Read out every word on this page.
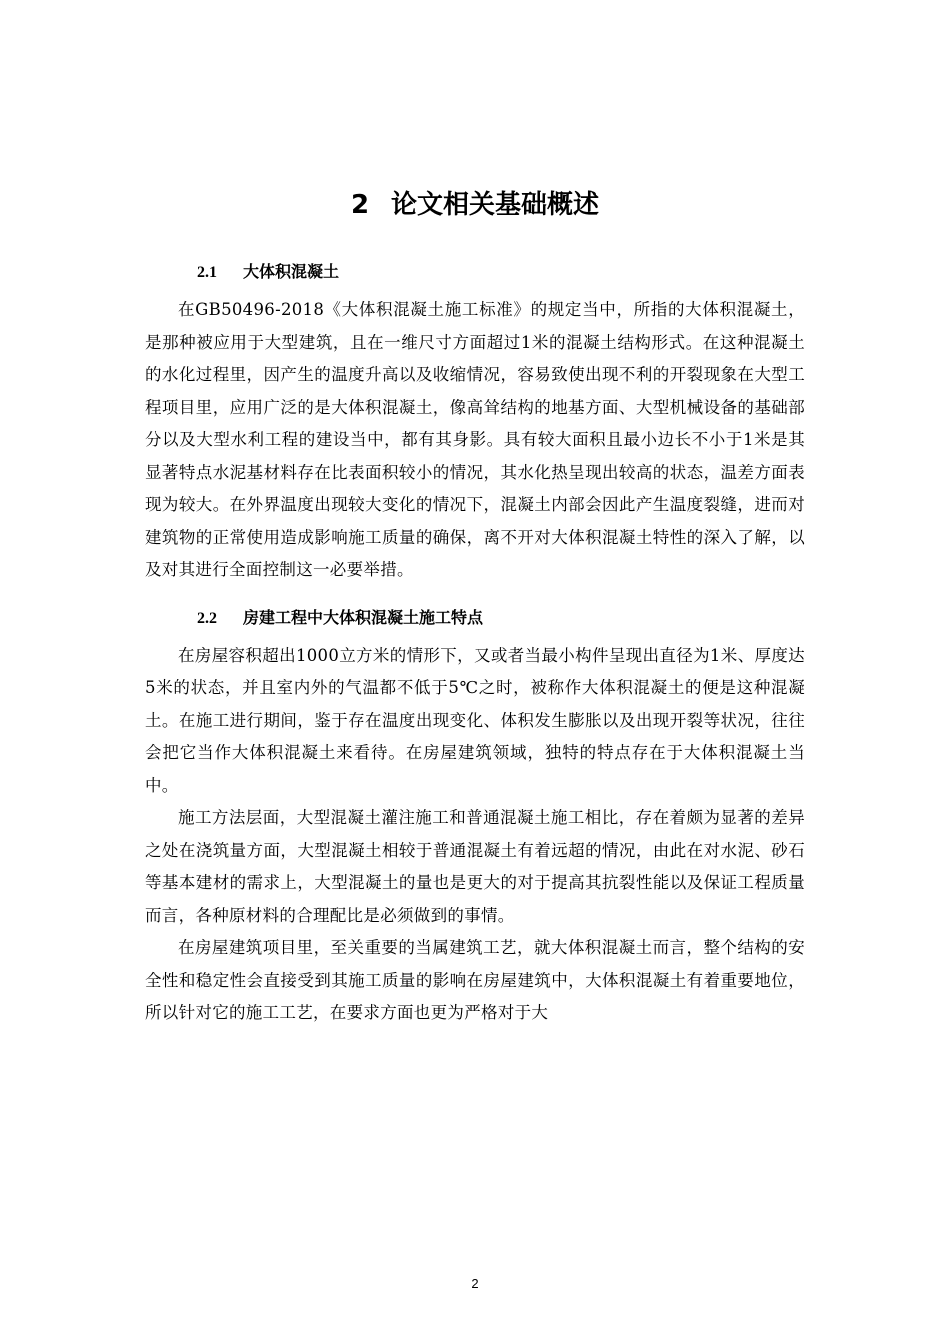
2 论文相关基础概述
2.1 大体积混凝土

在GB50496-2018《大体积混凝土施工标准》的规定当中，所指的大体积混凝土，是那种被应用于大型建筑，且在一维尺寸方面超过1米的混凝土结构形式。在这种混凝土的水化过程里，因产生的温度升高以及收缩情况，容易致使出现不利的开裂现象在大型工程项目里，应用广泛的是大体积混凝土，像高耸结构的地基方面、大型机械设备的基础部分以及大型水利工程的建设当中，都有其身影。具有较大面积且最小边长不小于1米是其显著特点水泥基材料存在比表面积较小的情况，其水化热呈现出较高的状态，温差方面表现为较大。在外界温度出现较大变化的情况下，混凝土内部会因此产生温度裂缝，进而对建筑物的正常使用造成影响施工质量的确保，离不开对大体积混凝土特性的深入了解，以及对其进行全面控制这一必要举措。

2.2 房建工程中大体积混凝土施工特点

在房屋容积超出1000立方米的情形下，又或者当最小构件呈现出直径为1米、厚度达5米的状态，并且室内外的气温都不低于5℃之时，被称作大体积混凝土的便是这种混凝土。在施工进行期间，鉴于存在温度出现变化、体积发生膨胀以及出现开裂等状况，往往会把它当作大体积混凝土来看待。在房屋建筑领域，独特的特点存在于大体积混凝土当中。

施工方法层面，大型混凝土灌注施工和普通混凝土施工相比，存在着颇为显著的差异之处在浇筑量方面，大型混凝土相较于普通混凝土有着远超的情况，由此在对水泥、砂石等基本建材的需求上，大型混凝土的量也是更大的对于提高其抗裂性能以及保证工程质量而言，各种原材料的合理配比是必须做到的事情。

在房屋建筑项目里，至关重要的当属建筑工艺，就大体积混凝土而言，整个结构的安全性和稳定性会直接受到其施工质量的影响在房屋建筑中，大体积混凝土有着重要地位，所以针对它的施工工艺，在要求方面也更为严格对于大

2
